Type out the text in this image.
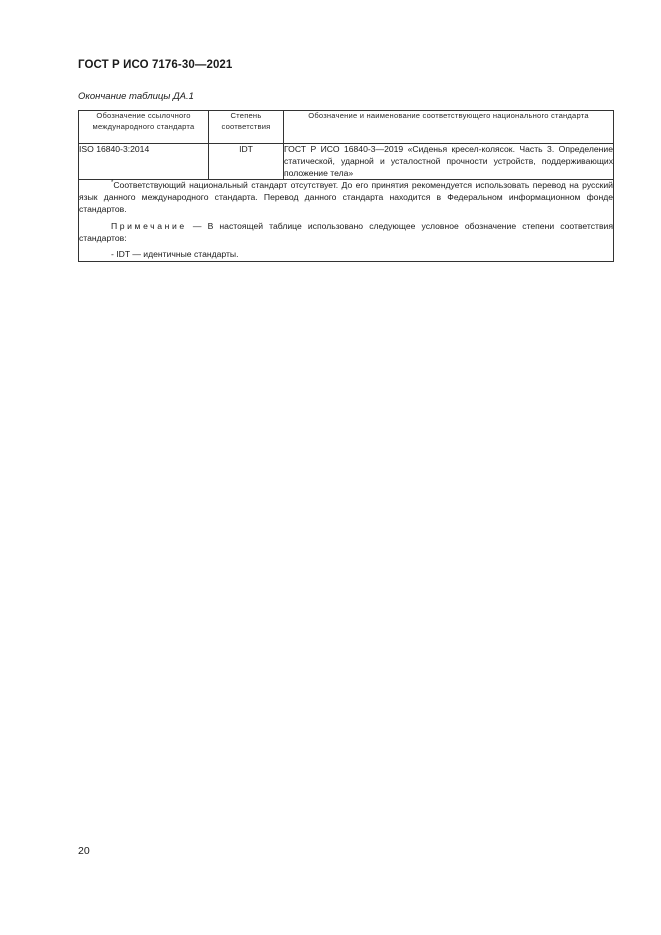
ГОСТ Р ИСО 7176-30—2021
Окончание таблицы ДА.1
Обозначение ссылочного международного стандарта	Степень соответствия	Обозначение и наименование соответствующего национального стандарта
ISO 16840-3:2014	IDT	ГОСТ Р ИСО 16840-3—2019 «Сиденья кресел-колясок. Часть 3. Определение статической, ударной и усталостной прочности устройств, поддерживающих положение тела»

*Соответствующий национальный стандарт отсутствует. До его принятия рекомендуется использовать перевод на русский язык данного международного стандарта. Перевод данного стандарта находится в Федеральном информационном фонде стандартов.

Примечание — В настоящей таблице использовано следующее условное обозначение степени соответствия стандартов:

- IDT — идентичные стандарты.		

20
